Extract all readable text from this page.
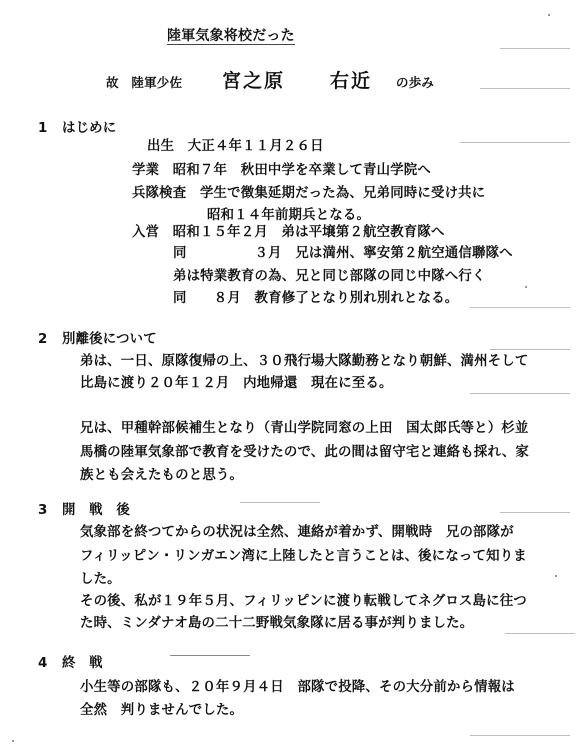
陸軍気象将校だった
故　陸軍少佐 宮之原 右近 の歩み
1 はじめに
出生　大正４年１１月２６日
学業　昭和７年　秋田中学を卒業して青山学院へ
兵隊検査　学生で徴集延期だった為、兄弟同時に受け共に
昭和１４年前期兵となる。
入営　昭和１５年２月　弟は平壌第２航空教育隊へ
同　　　　　３月　兄は満州、寧安第２航空通信聯隊へ
弟は特業教育の為、兄と同じ部隊の同じ中隊へ行く
同　　８月　教育修了となり別れ別れとなる。
2 別離後について
弟は、一日、原隊復帰の上、３０飛行場大隊勤務となり朝鮮、満州そして
比島に渡り２０年１２月　内地帰還　現在に至る。
兄は、甲種幹部候補生となり（青山学院同窓の上田　国太郎氏等と）杉並
馬橋の陸軍気象部で教育を受けたので、此の間は留守宅と連絡も採れ、家
族とも会えたものと思う。
3 開　戦　後
気象部を終つてからの状況は全然、連絡が着かず、開戦時　兄の部隊が
フィリッピン・リンガエン湾に上陸したと言うことは、後になって知りま
した。
その後、私が１９年５月、フィリッピンに渡り転戦してネグロス島に往つ
た時、ミンダナオ島の二十二野戦気象隊に居る事が判りました。
4 終　戦
小生等の部隊も、２０年９月４日　部隊で投降、その大分前から情報は
全然　判りませんでした。
